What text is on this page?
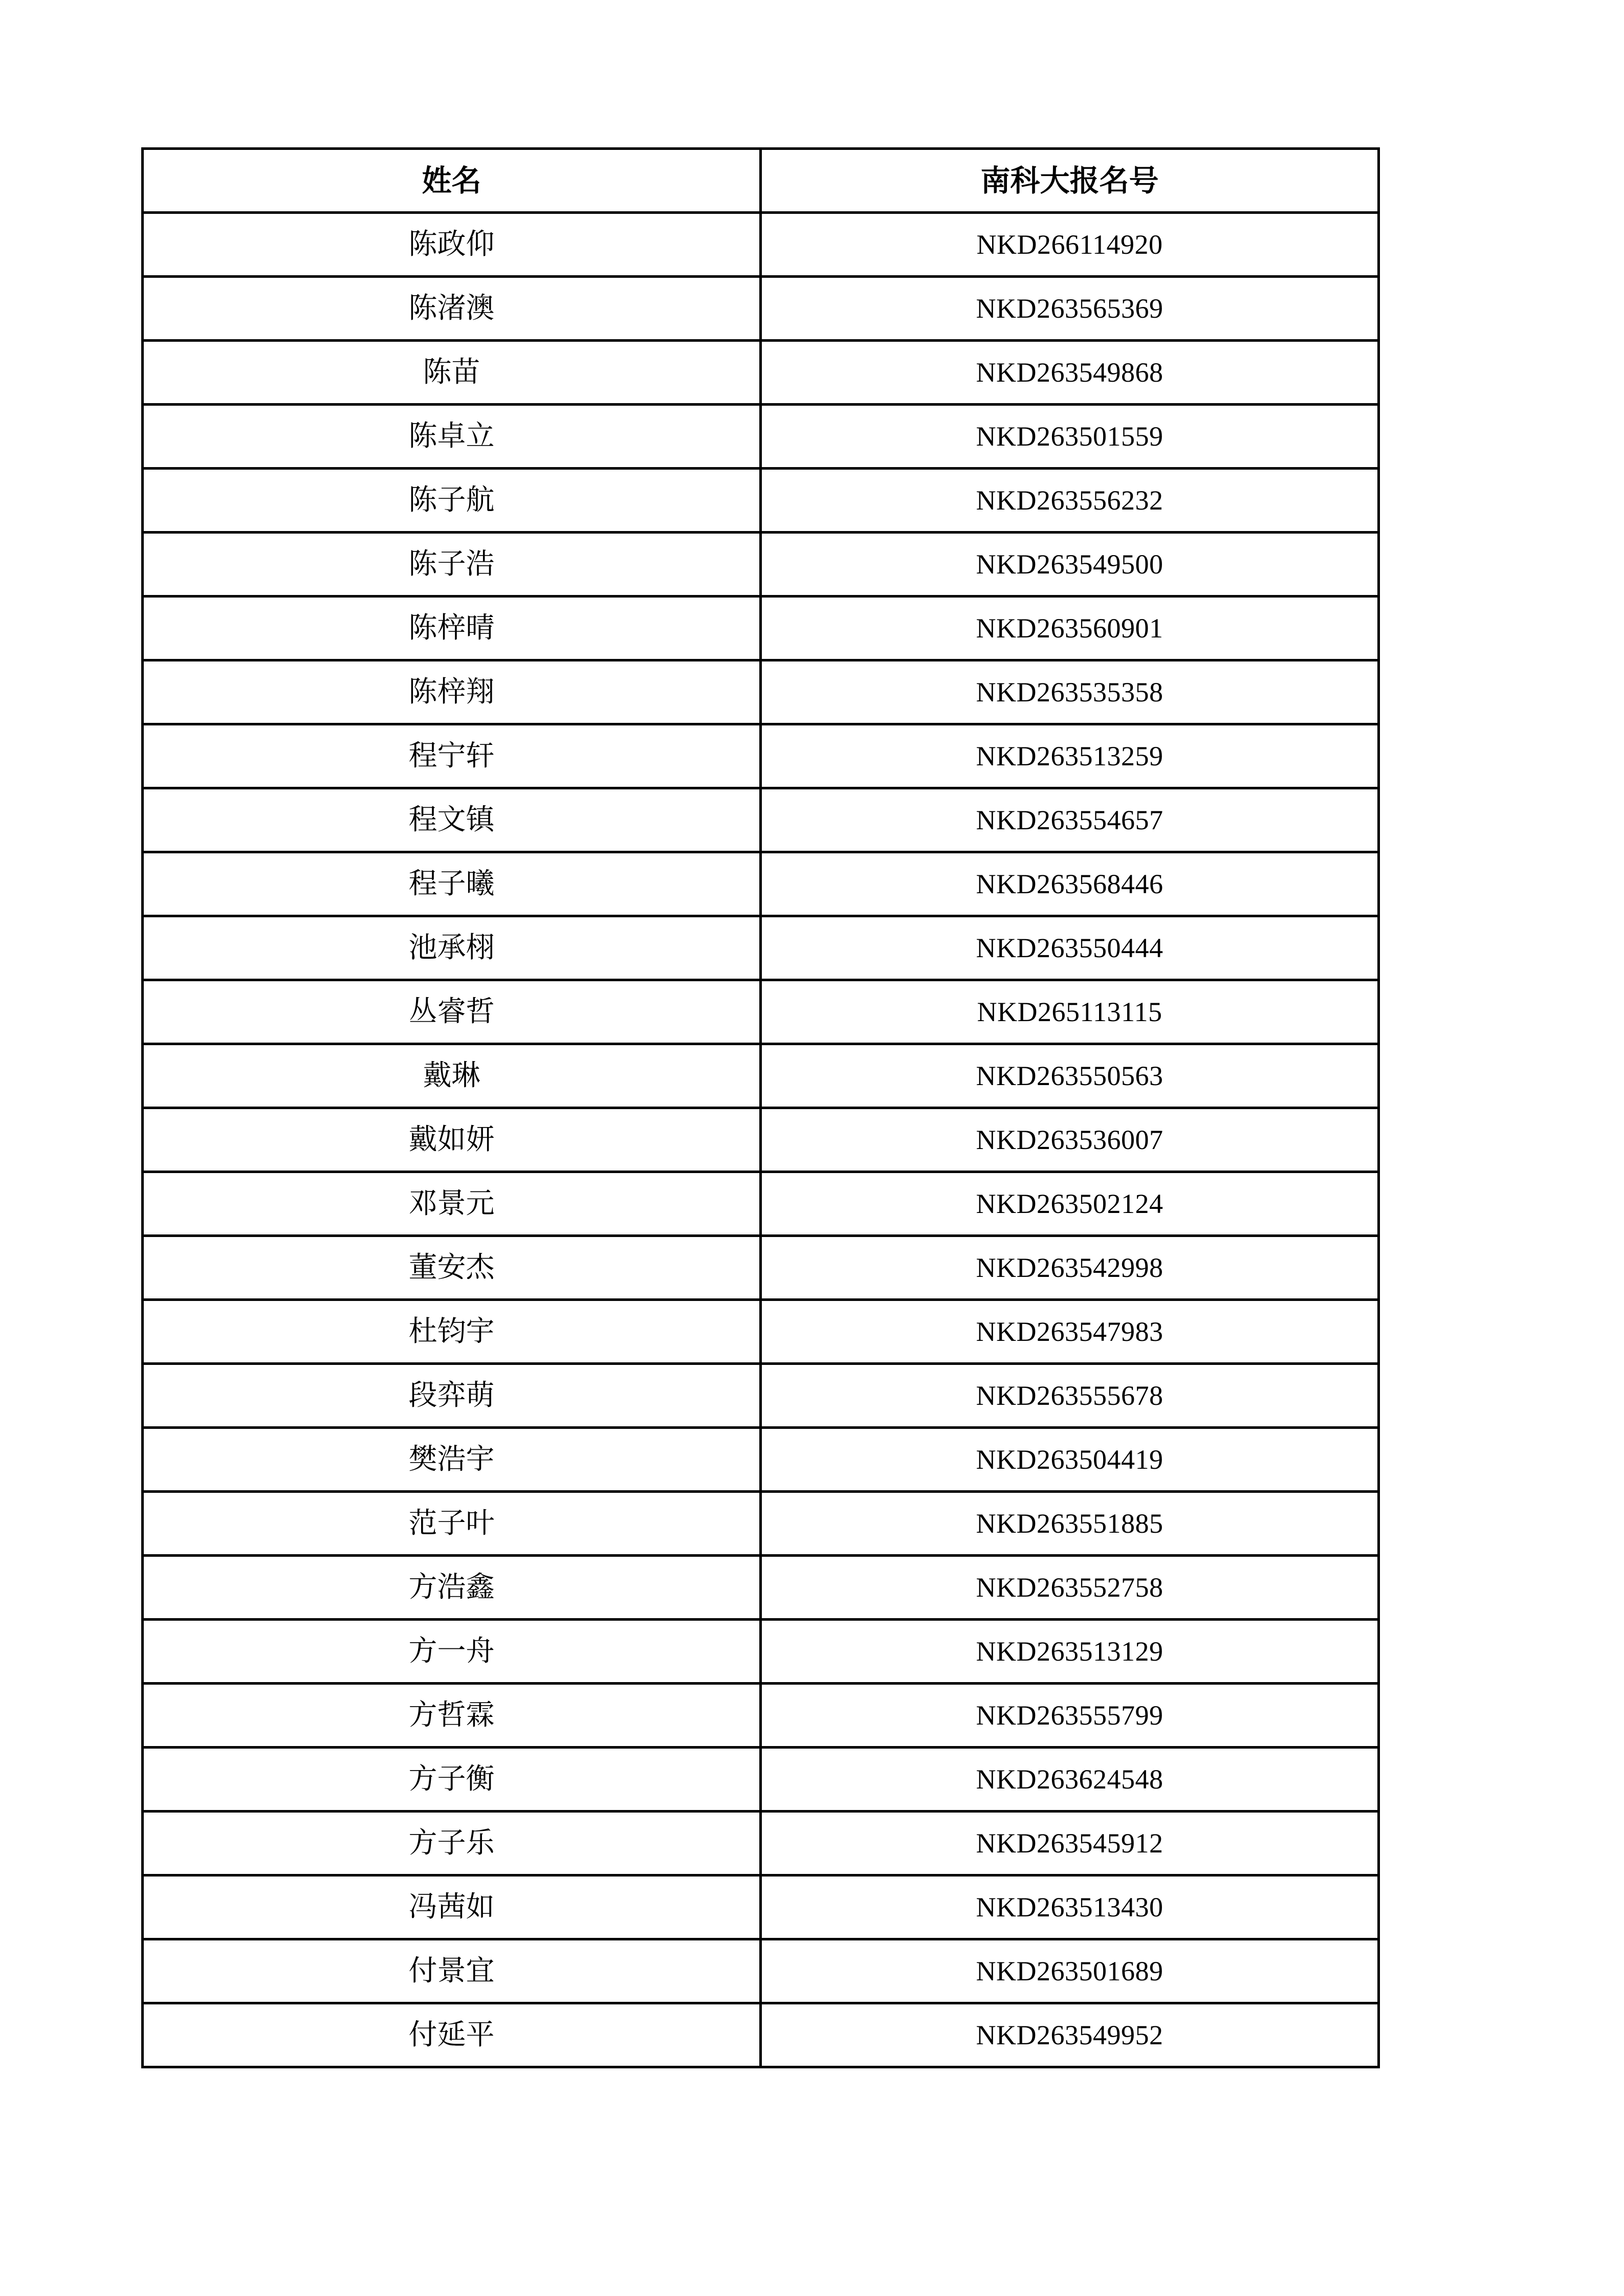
姓名	南科大报名号
陈政仰	NKD266114920
陈渚澳	NKD263565369
陈苗	NKD263549868
陈卓立	NKD263501559
陈子航	NKD263556232
陈子浩	NKD263549500
陈梓晴	NKD263560901
陈梓翔	NKD263535358
程宁轩	NKD263513259
程文镇	NKD263554657
程子曦	NKD263568446
池承栩	NKD263550444
丛睿哲	NKD265113115
戴琳	NKD263550563
戴如妍	NKD263536007
邓景元	NKD263502124
董安杰	NKD263542998
杜钧宇	NKD263547983
段弈萌	NKD263555678
樊浩宇	NKD263504419
范子叶	NKD263551885
方浩鑫	NKD263552758
方一舟	NKD263513129
方哲霖	NKD263555799
方子衡	NKD263624548
方子乐	NKD263545912
冯茜如	NKD263513430
付景宜	NKD263501689
付延平	NKD263549952
